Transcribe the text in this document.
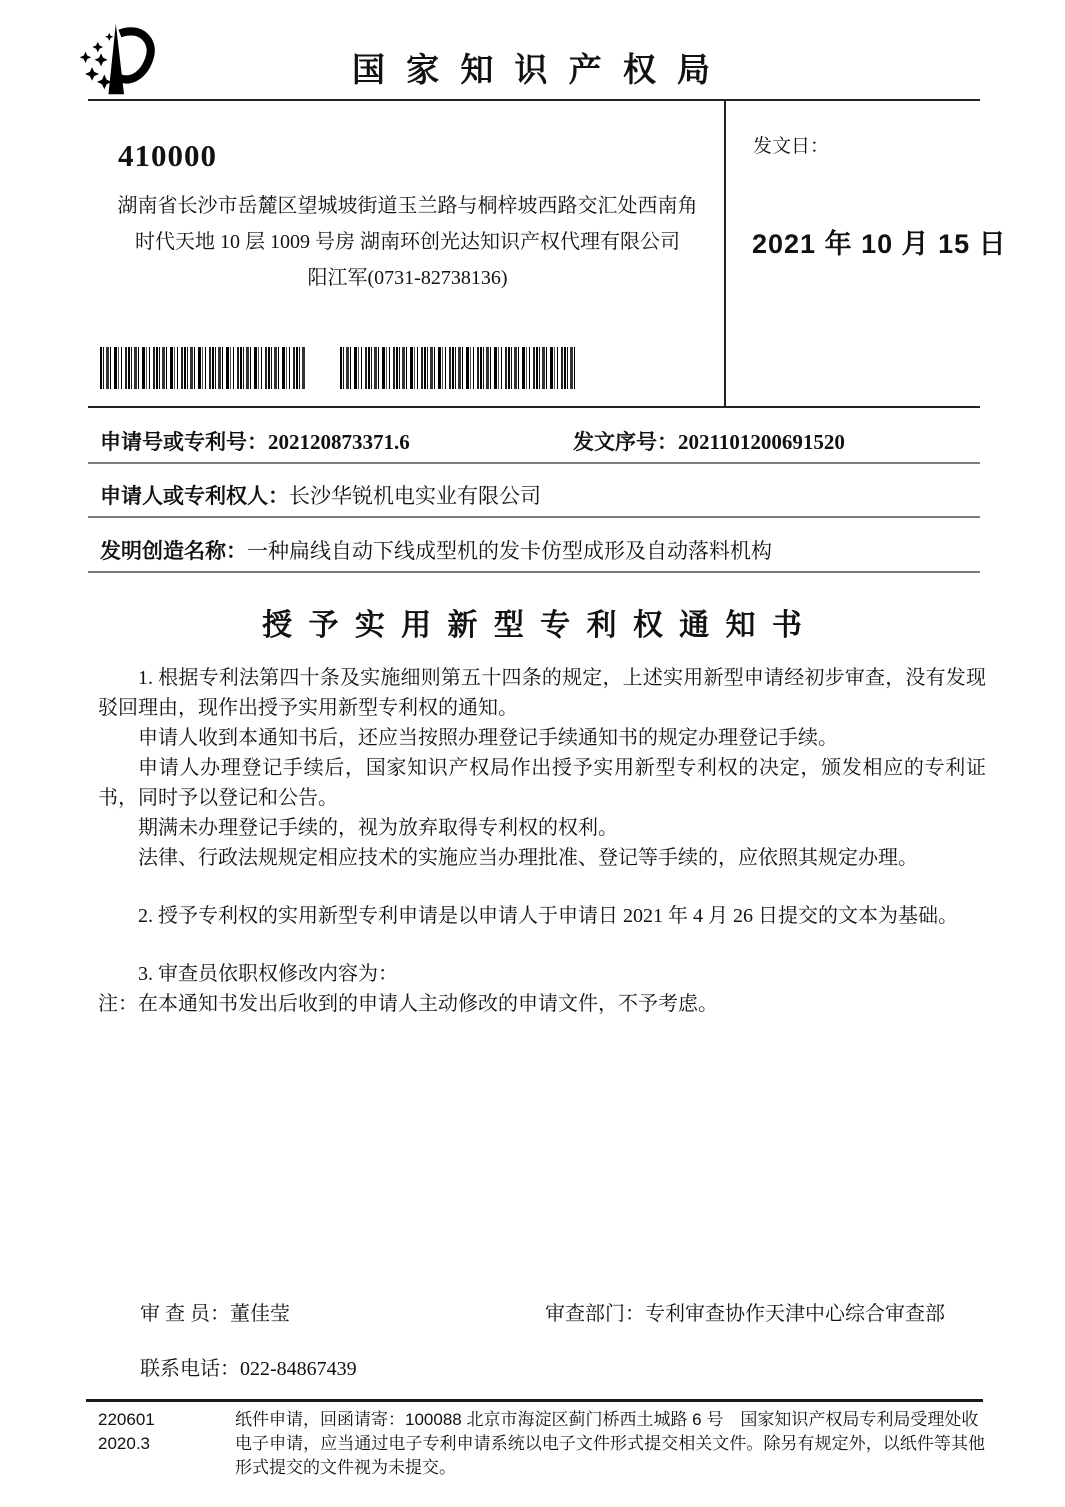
国 家 知 识 产 权 局
410000
湖南省长沙市岳麓区望城坡街道玉兰路与桐梓坡西路交汇处西南角
时代天地 10 层 1009 号房 湖南环创光达知识产权代理有限公司
阳江军(0731-82738136)
发文日：
2021 年 10 月 15 日
申请号或专利号：202120873371.6	发文序号：2021101200691520
申请人或专利权人：长沙华锐机电实业有限公司
发明创造名称：一种扁线自动下线成型机的发卡仿型成形及自动落料机构
授 予 实 用 新 型 专 利 权 通 知 书

1. 根据专利法第四十条及实施细则第五十四条的规定，上述实用新型申请经初步审查，没有发现驳回理由，现作出授予实用新型专利权的通知。

申请人收到本通知书后，还应当按照办理登记手续通知书的规定办理登记手续。

申请人办理登记手续后，国家知识产权局作出授予实用新型专利权的决定，颁发相应的专利证书，同时予以登记和公告。

期满未办理登记手续的，视为放弃取得专利权的权利。

法律、行政法规规定相应技术的实施应当办理批准、登记等手续的，应依照其规定办理。

2. 授予专利权的实用新型专利申请是以申请人于申请日 2021 年 4 月 26 日提交的文本为基础。

3. 审查员依职权修改内容为：

注：在本通知书发出后收到的申请人主动修改的申请文件，不予考虑。

审 查 员：董佳莹	审查部门：专利审查协作天津中心综合审查部
联系电话：022-84867439
220601
2020.3
纸件申请，回函请寄：100088 北京市海淀区蓟门桥西土城路 6 号　国家知识产权局专利局受理处收
电子申请，应当通过电子专利申请系统以电子文件形式提交相关文件。除另有规定外，以纸件等其他形式提交的文件视为未提交。
